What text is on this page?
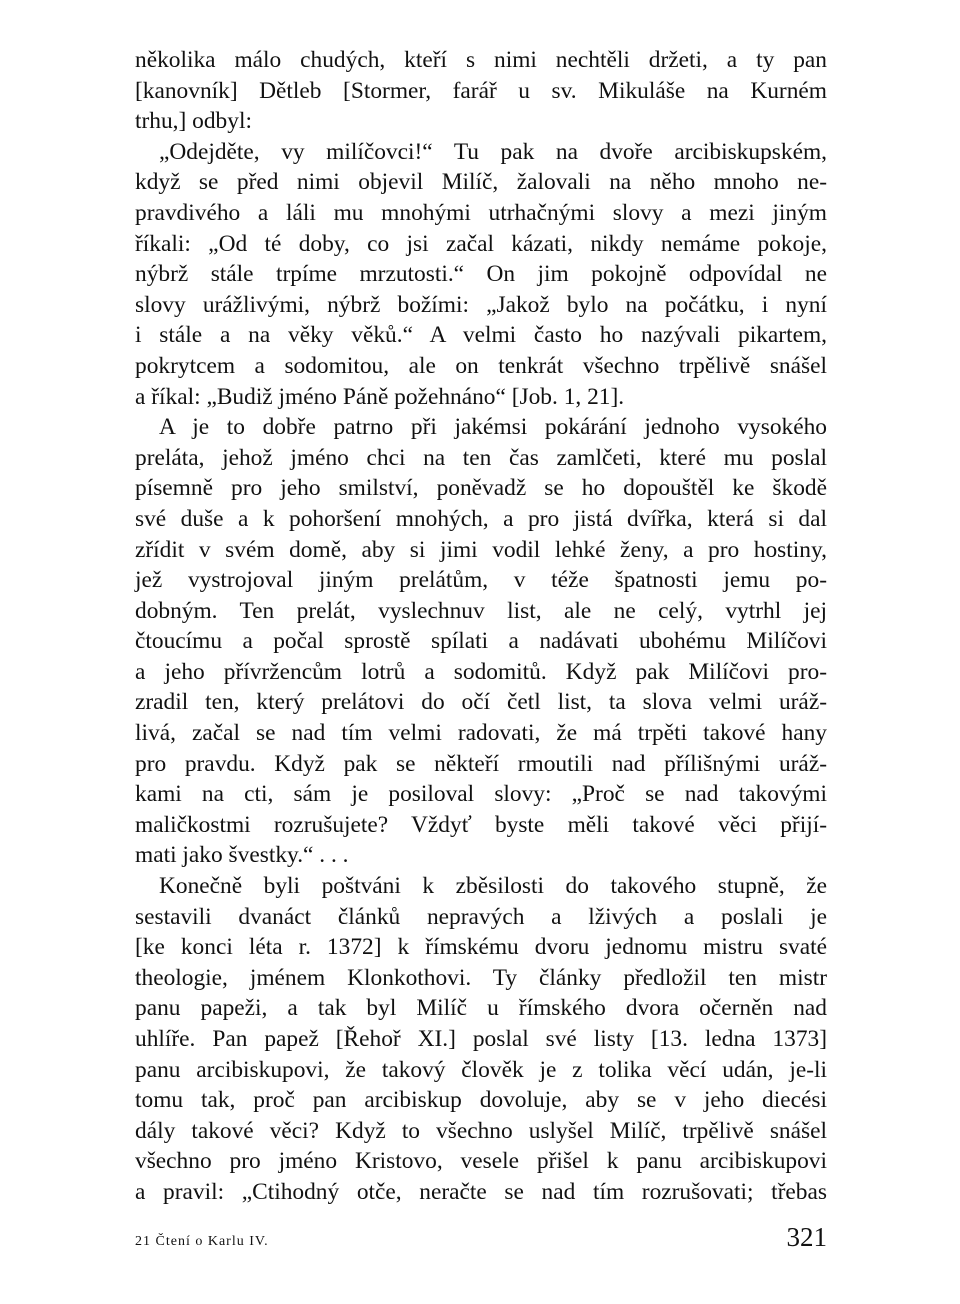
několika málo chudých, kteří s nimi nechtěli držeti, a ty pan
[kanovník] Dětleb [Stormer, farář u sv. Mikuláše na Kurném
trhu,] odbyl:
„Odejděte, vy milíčovci!“ Tu pak na dvoře arcibiskupském,
když se před nimi objevil Milíč, žalovali na něho mnoho ne-
pravdivého a láli mu mnohými utrhačnými slovy a mezi jiným
říkali: „Od té doby, co jsi začal kázati, nikdy nemáme pokoje,
nýbrž stále trpíme mrzutosti.“ On jim pokojně odpovídal ne
slovy urážlivými, nýbrž božími: „Jakož bylo na počátku, i nyní
i stále a na věky věků.“ A velmi často ho nazývali pikartem,
pokrytcem a sodomitou, ale on tenkrát všechno trpělivě snášel
a říkal: „Budiž jméno Páně požehnáno“ [Job. 1, 21].
A je to dobře patrno při jakémsi pokárání jednoho vysokého
preláta, jehož jméno chci na ten čas zamlčeti, které mu poslal
písemně pro jeho smilství, poněvadž se ho dopouštěl ke škodě
své duše a k pohoršení mnohých, a pro jistá dvířka, která si dal
zřídit v svém domě, aby si jimi vodil lehké ženy, a pro hostiny,
jež vystrojoval jiným prelátům, v téže špatnosti jemu po-
dobným. Ten prelát, vyslechnuv list, ale ne celý, vytrhl jej
čtoucímu a počal sprostě spílati a nadávati ubohému Milíčovi
a jeho přívržencům lotrů a sodomitů. Když pak Milíčovi pro-
zradil ten, který prelátovi do očí četl list, ta slova velmi uráž-
livá, začal se nad tím velmi radovati, že má trpěti takové hany
pro pravdu. Když pak se někteří rmoutili nad přílišnými uráž-
kami na cti, sám je posiloval slovy: „Proč se nad takovými
maličkostmi rozrušujete? Vždyť byste měli takové věci přijí-
mati jako švestky.“ . . .
Konečně byli poštváni k zběsilosti do takového stupně, že
sestavili dvanáct článků nepravých a lživých a poslali je
[ke konci léta r. 1372] k římskému dvoru jednomu mistru svaté
theologie, jménem Klonkothovi. Ty články předložil ten mistr
panu papeži, a tak byl Milíč u římského dvora očerněn nad
uhlíře. Pan papež [Řehoř XI.] poslal své listy [13. ledna 1373]
panu arcibiskupovi, že takový člověk je z tolika věcí udán, je-li
tomu tak, proč pan arcibiskup dovoluje, aby se v jeho diecési
dály takové věci? Když to všechno uslyšel Milíč, trpělivě snášel
všechno pro jméno Kristovo, vesele přišel k panu arcibiskupovi
a pravil: „Ctihodný otče, neračte se nad tím rozrušovati; třebas
21 Čtení o Karlu IV.	321
